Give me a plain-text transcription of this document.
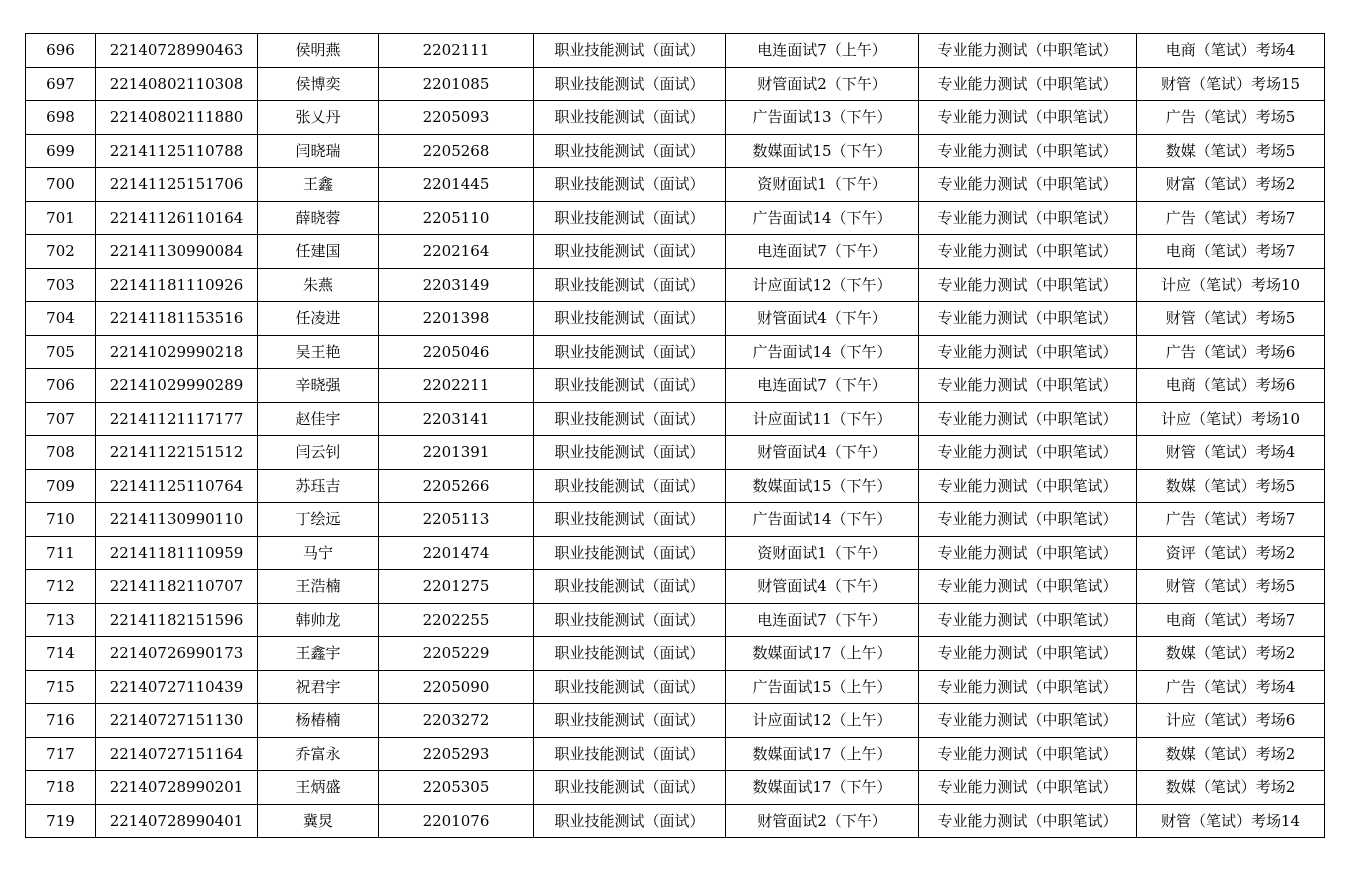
696	22140728990463	侯明燕	2202111	职业技能测试（面试）	电连面试7（上午）	专业能力测试（中职笔试）	电商（笔试）考场4
697	22140802110308	侯博奕	2201085	职业技能测试（面试）	财管面试2（下午）	专业能力测试（中职笔试）	财管（笔试）考场15
698	22140802111880	张乂丹	2205093	职业技能测试（面试）	广告面试13（下午）	专业能力测试（中职笔试）	广告（笔试）考场5
699	22141125110788	闫晓瑞	2205268	职业技能测试（面试）	数媒面试15（下午）	专业能力测试（中职笔试）	数媒（笔试）考场5
700	22141125151706	王鑫	2201445	职业技能测试（面试）	资财面试1（下午）	专业能力测试（中职笔试）	财富（笔试）考场2
701	22141126110164	薛晓蓉	2205110	职业技能测试（面试）	广告面试14（下午）	专业能力测试（中职笔试）	广告（笔试）考场7
702	22141130990084	任建国	2202164	职业技能测试（面试）	电连面试7（下午）	专业能力测试（中职笔试）	电商（笔试）考场7
703	22141181110926	朱燕	2203149	职业技能测试（面试）	计应面试12（下午）	专业能力测试（中职笔试）	计应（笔试）考场10
704	22141181153516	任凌进	2201398	职业技能测试（面试）	财管面试4（下午）	专业能力测试（中职笔试）	财管（笔试）考场5
705	22141029990218	吴王艳	2205046	职业技能测试（面试）	广告面试14（下午）	专业能力测试（中职笔试）	广告（笔试）考场6
706	22141029990289	辛晓强	2202211	职业技能测试（面试）	电连面试7（下午）	专业能力测试（中职笔试）	电商（笔试）考场6
707	22141121117177	赵佳宇	2203141	职业技能测试（面试）	计应面试11（下午）	专业能力测试（中职笔试）	计应（笔试）考场10
708	22141122151512	闫云钊	2201391	职业技能测试（面试）	财管面试4（下午）	专业能力测试（中职笔试）	财管（笔试）考场4
709	22141125110764	苏珏吉	2205266	职业技能测试（面试）	数媒面试15（下午）	专业能力测试（中职笔试）	数媒（笔试）考场5
710	22141130990110	丁绘远	2205113	职业技能测试（面试）	广告面试14（下午）	专业能力测试（中职笔试）	广告（笔试）考场7
711	22141181110959	马宁	2201474	职业技能测试（面试）	资财面试1（下午）	专业能力测试（中职笔试）	资评（笔试）考场2
712	22141182110707	王浩楠	2201275	职业技能测试（面试）	财管面试4（下午）	专业能力测试（中职笔试）	财管（笔试）考场5
713	22141182151596	韩帅龙	2202255	职业技能测试（面试）	电连面试7（下午）	专业能力测试（中职笔试）	电商（笔试）考场7
714	22140726990173	王鑫宇	2205229	职业技能测试（面试）	数媒面试17（上午）	专业能力测试（中职笔试）	数媒（笔试）考场2
715	22140727110439	祝君宇	2205090	职业技能测试（面试）	广告面试15（上午）	专业能力测试（中职笔试）	广告（笔试）考场4
716	22140727151130	杨椿楠	2203272	职业技能测试（面试）	计应面试12（上午）	专业能力测试（中职笔试）	计应（笔试）考场6
717	22140727151164	乔富永	2205293	职业技能测试（面试）	数媒面试17（上午）	专业能力测试（中职笔试）	数媒（笔试）考场2
718	22140728990201	王炳盛	2205305	职业技能测试（面试）	数媒面试17（下午）	专业能力测试（中职笔试）	数媒（笔试）考场2
719	22140728990401	冀炅	2201076	职业技能测试（面试）	财管面试2（下午）	专业能力测试（中职笔试）	财管（笔试）考场14
